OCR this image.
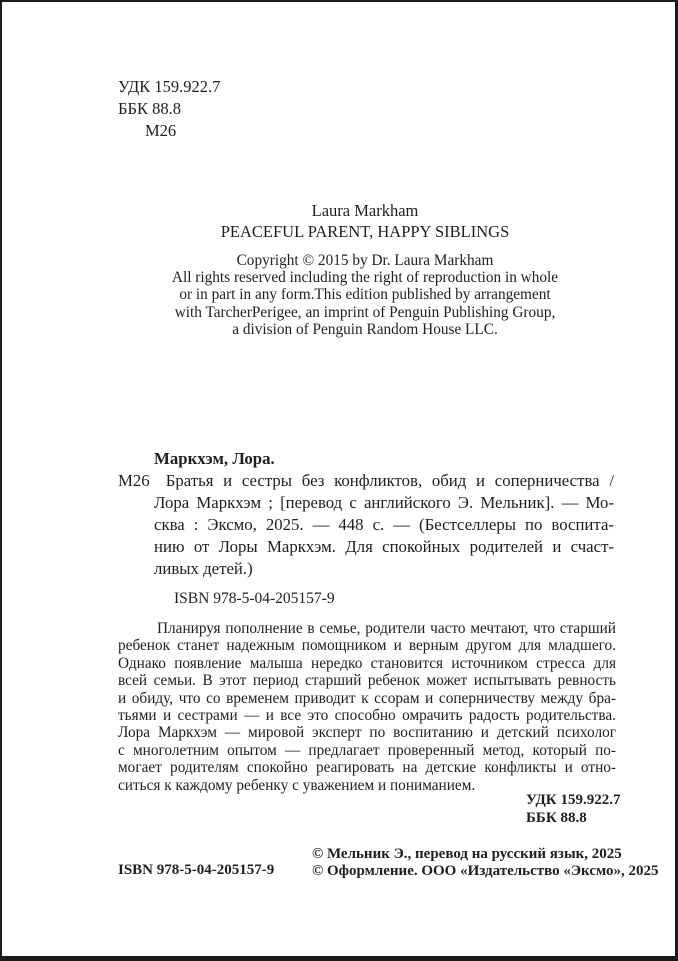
УДК 159.922.7
ББК 88.8
М26
Laura Markham
PEACEFUL PARENT, HAPPY SIBLINGS
Copyright © 2015 by Dr. Laura Markham
All rights reserved including the right of reproduction in whole
or in part in any form.This edition published by arrangement
with TarcherPerigee, an imprint of Penguin Publishing Group,
a division of Penguin Random House LLC.
Маркхэм, Лора.
М26 Братья и сестры без конфликтов, обид и соперничества /
Лора Маркхэм ; [перевод с английского Э. Мельник]. — Мо-
сква : Эксмо, 2025. — 448 с. — (Бестселлеры по воспита-
нию от Лоры Маркхэм. Для спокойных родителей и счаст-
ливых детей.)
ISBN 978-5-04-205157-9
Планируя пополнение в семье, родители часто мечтают, что старший
ребенок станет надежным помощником и верным другом для младшего.
Однако появление малыша нередко становится источником стресса для
всей семьи. В этот период старший ребенок может испытывать ревность
и обиду, что со временем приводит к ссорам и соперничеству между бра-
тьями и сестрами — и все это способно омрачить радость родительства.
Лора Маркхэм — мировой эксперт по воспитанию и детский психолог
с многолетним опытом — предлагает проверенный метод, который по-
могает родителям спокойно реагировать на детские конфликты и отно-
ситься к каждому ребенку с уважением и пониманием.
УДК 159.922.7
ББК 88.8
ISBN 978-5-04-205157-9
© Мельник Э., перевод на русский язык, 2025
© Оформление. ООО «Издательство «Эксмо», 2025
